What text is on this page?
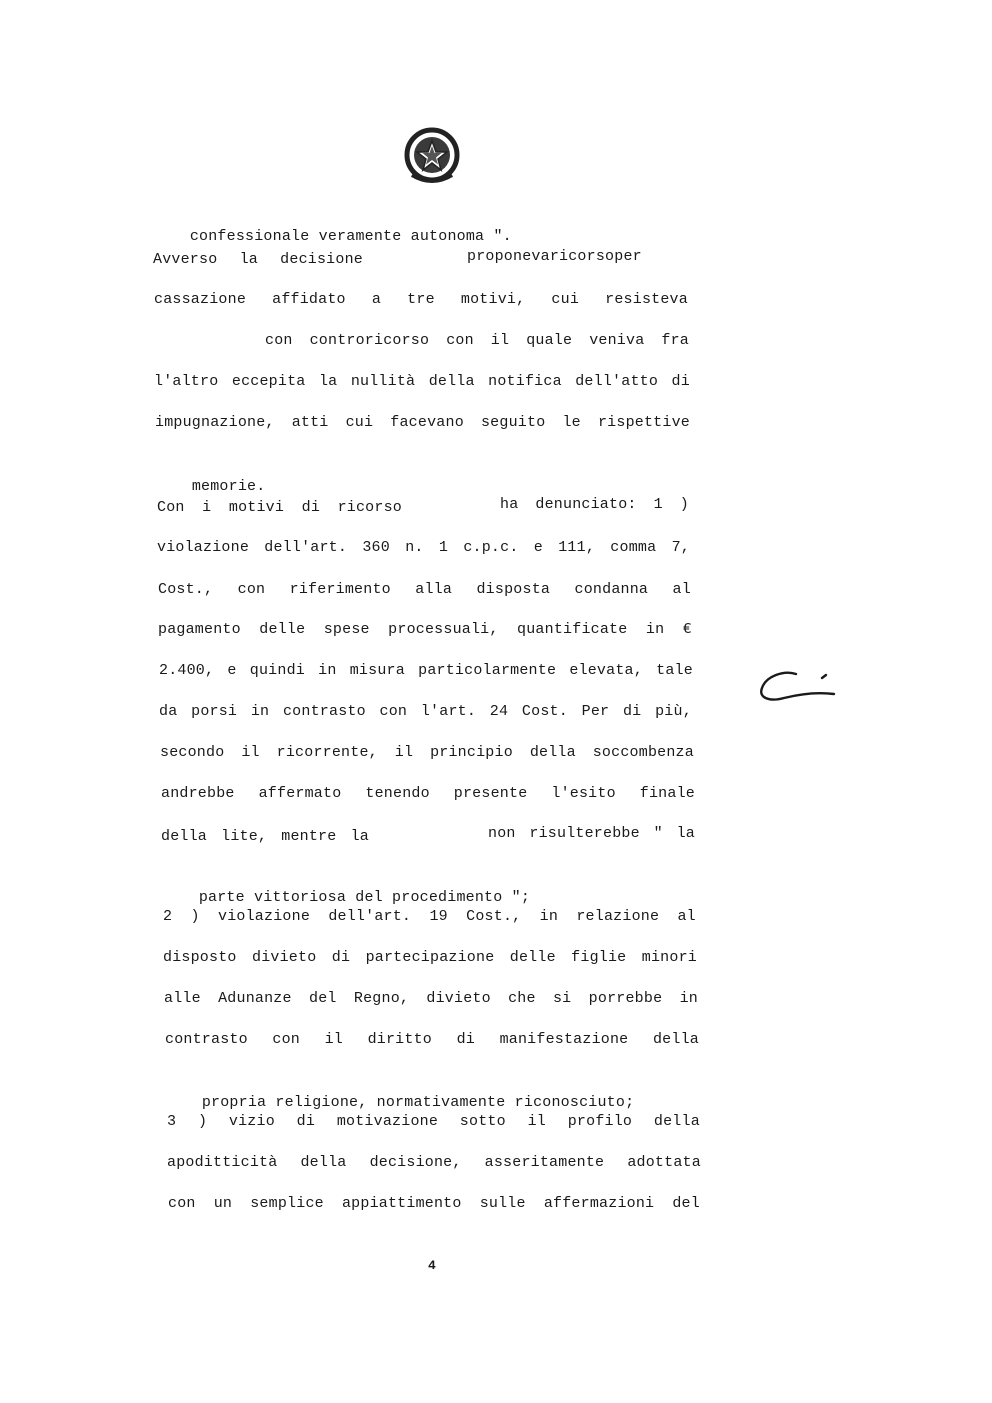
confessionale veramente autonoma ".

proponevaricorsoper
cassazione affidato a tre motivi, cui resisteva
con controricorso con il quale veniva fra
l'altro eccepita la nullità della notifica dell'atto di
impugnazione, atti cui facevano seguito le rispettive

memorie.

Con i motivi di ricorso	ha denunciato: 1 )
violazione dell'art. 360 n. 1 c.p.c. e 111, comma 7,
Cost., con riferimento alla disposta condanna al
pagamento delle spese processuali, quantificate in €
2.400, e quindi in misura particolarmente elevata, tale
da porsi in contrasto con l'art. 24 Cost. Per di più,
secondo il ricorrente, il principio della soccombenza
andrebbe affermato tenendo presente l'esito finale
della lite, mentre la	non risulterebbe " la

parte vittoriosa del procedimento ";

2 ) violazione dell'art. 19 Cost., in relazione al
disposto divieto di partecipazione delle figlie minori
alle Adunanze del Regno, divieto che si porrebbe in
contrasto con il diritto di manifestazione della

propria religione, normativamente riconosciuto;

3 ) vizio di motivazione sotto il profilo della
apoditticità della decisione, asseritamente adottata
con un semplice appiattimento sulle affermazioni del
4
Avverso la decisione
